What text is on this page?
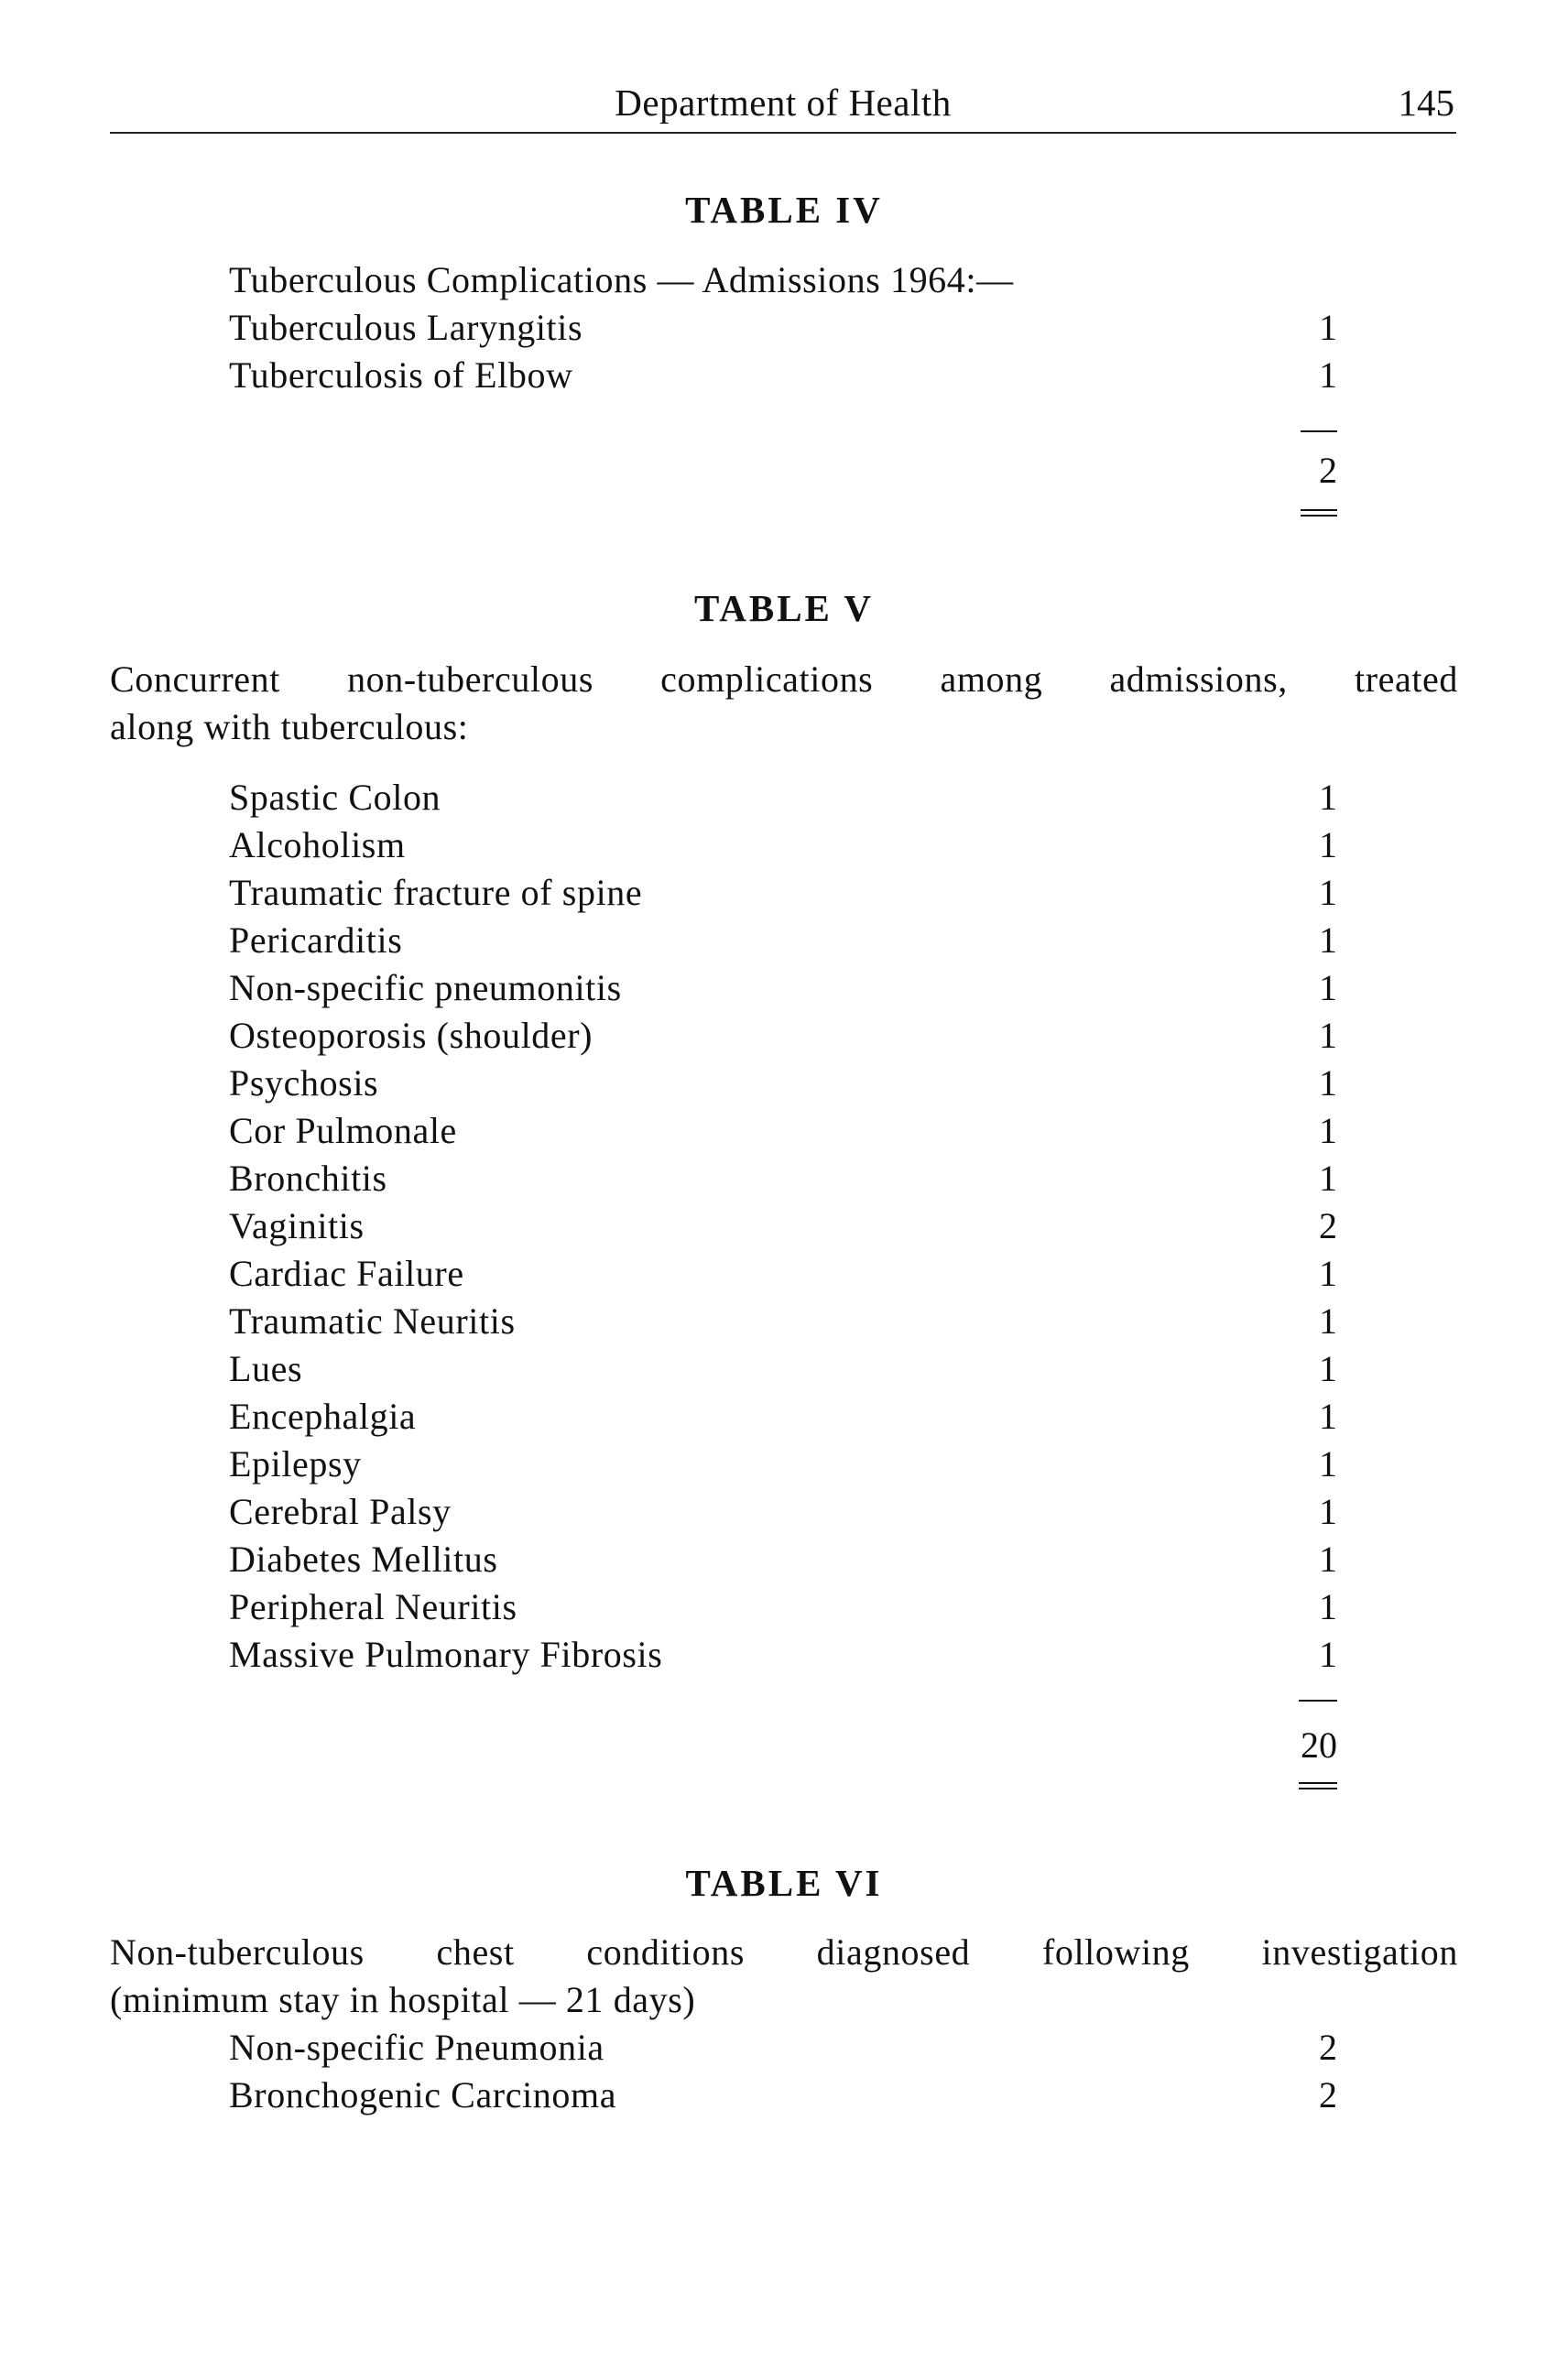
Department of Health	145
TABLE IV
Tuberculous Complications — Admissions 1964:—
Tuberculous Laryngitis	1
Tuberculosis of Elbow	1
2
TABLE V
Concurrent non-tuberculous complications among admissions, treated
along with tuberculous:
Spastic Colon	1
Alcoholism	1
Traumatic fracture of spine	1
Pericarditis	1
Non-specific pneumonitis	1
Osteoporosis (shoulder)	1
Psychosis	1
Cor Pulmonale	1
Bronchitis	1
Vaginitis	2
Cardiac Failure	1
Traumatic Neuritis	1
Lues	1
Encephalgia	1
Epilepsy	1
Cerebral Palsy	1
Diabetes Mellitus	1
Peripheral Neuritis	1
Massive Pulmonary Fibrosis	1
20
TABLE VI
Non-tuberculous chest conditions diagnosed following investigation
(minimum stay in hospital — 21 days)
Non-specific Pneumonia	2
Bronchogenic Carcinoma	2
